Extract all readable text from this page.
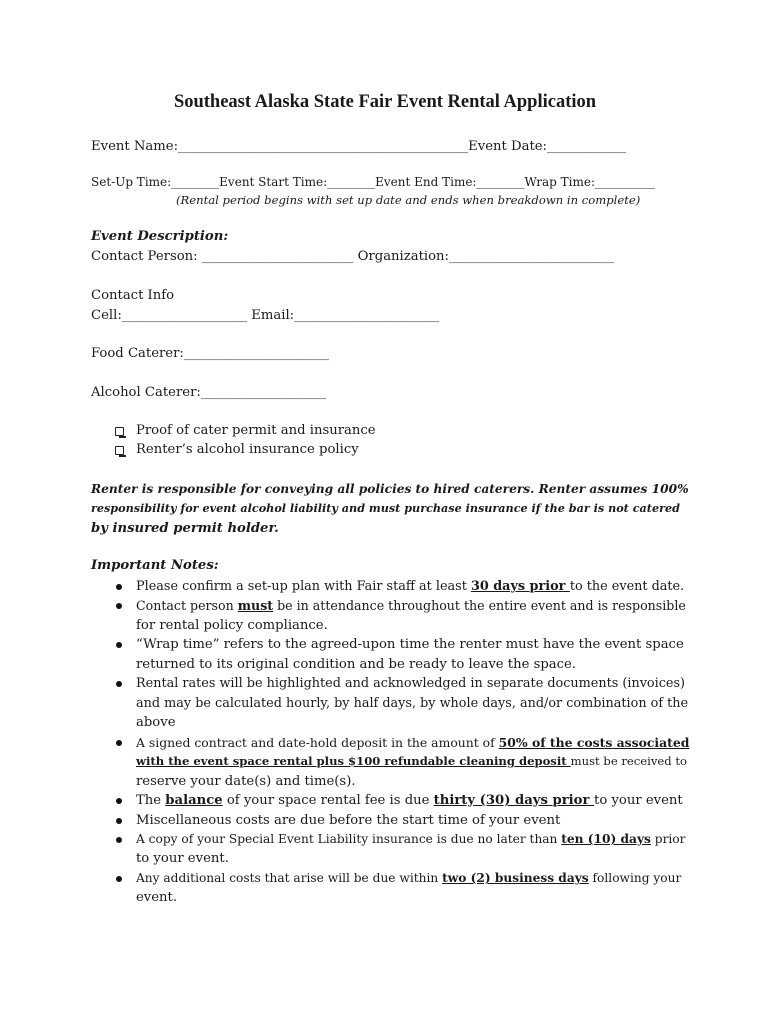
Southeast Alaska State Fair Event Rental Application
Event Name:____________________________________________Event Date:____________
Set-Up Time:________Event Start Time:________Event End Time:________Wrap Time:__________
(Rental period begins with set up date and ends when breakdown in complete)
Event Description:
Contact Person: _______________________ Organization:_________________________
Contact Info
Cell:___________________ Email:______________________
Food Caterer:______________________
Alcohol Caterer:___________________
Proof of cater permit and insurance
Renter’s alcohol insurance policy
Renter is responsible for conveying all policies to hired caterers. Renter assumes 100%
responsibility for event alcohol liability and must purchase insurance if the bar is not catered
by insured permit holder.
Important Notes:
Please confirm a set-up plan with Fair staff at least 30 days prior to the event date.
Contact person must be in attendance throughout the entire event and is responsible
for rental policy compliance.
“Wrap time” refers to the agreed-upon time the renter must have the event space
returned to its original condition and be ready to leave the space.
Rental rates will be highlighted and acknowledged in separate documents (invoices)
and may be calculated hourly, by half days, by whole days, and/or combination of the
above
A signed contract and date-hold deposit in the amount of 50% of the costs associated
with the event space rental plus $100 refundable cleaning deposit must be received to
reserve your date(s) and time(s).
The balance of your space rental fee is due thirty (30) days prior to your event
Miscellaneous costs are due before the start time of your event
A copy of your Special Event Liability insurance is due no later than ten (10) days prior
to your event.
Any additional costs that arise will be due within two (2) business days following your
event.
